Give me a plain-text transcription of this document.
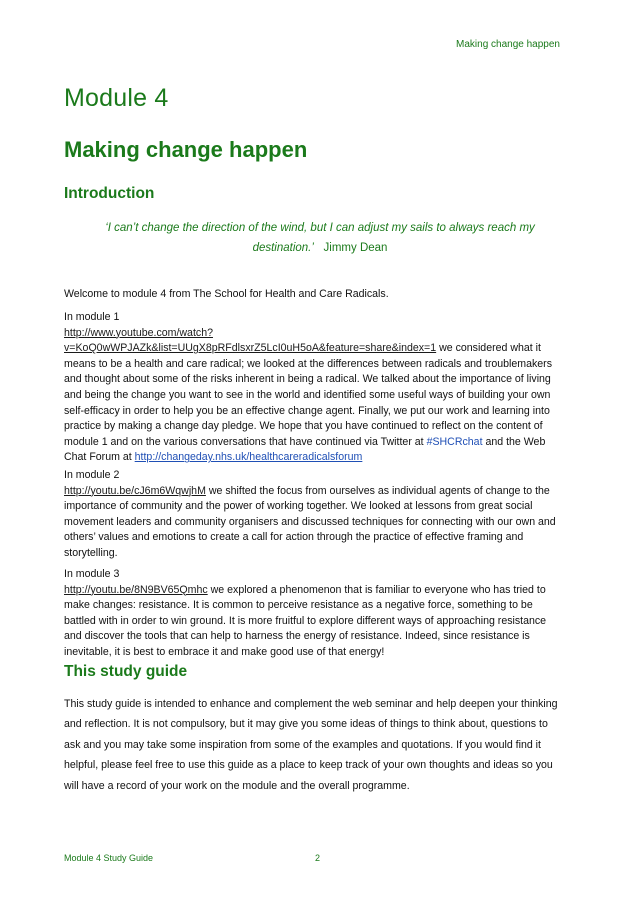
Making change happen
Module 4
Making change happen
Introduction
‘I can’t change the direction of the wind, but I can adjust my sails to always reach my destination.’ Jimmy Dean

Welcome to module 4 from The School for Health and Care Radicals.

In module 1

http://www.youtube.com/watch?v=KoQ0wWPJAZk&list=UUgX8pRFdlsxrZ5LcI0uH5oA&feature=share&index=1 we considered what it means to be a health and care radical; we looked at the differences between radicals and troublemakers and thought about some of the risks inherent in being a radical. We talked about the importance of living and being the change you want to see in the world and identified some useful ways of building your own self-efficacy in order to help you be an effective change agent. Finally, we put our work and learning into practice by making a change day pledge. We hope that you have continued to reflect on the content of module 1 and on the various conversations that have continued via Twitter at #SHCRchat and the Web Chat Forum at http://changeday.nhs.uk/healthcareradicalsforum

In module 2

http://youtu.be/cJ6m6WqwjhM we shifted the focus from ourselves as individual agents of change to the importance of community and the power of working together. We looked at lessons from great social movement leaders and community organisers and discussed techniques for connecting with our own and others’ values and emotions to create a call for action through the practice of effective framing and storytelling.

In module 3

http://youtu.be/8N9BV65Qmhc we explored a phenomenon that is familiar to everyone who has tried to make changes: resistance. It is common to perceive resistance as a negative force, something to be battled with in order to win ground. It is more fruitful to explore different ways of approaching resistance and discover the tools that can help to harness the energy of resistance. Indeed, since resistance is inevitable, it is best to embrace it and make good use of that energy!

This study guide

This study guide is intended to enhance and complement the web seminar and help deepen your thinking and reflection. It is not compulsory, but it may give you some ideas of things to think about, questions to ask and you may take some inspiration from some of the examples and quotations. If you would find it helpful, please feel free to use this guide as a place to keep track of your own thoughts and ideas so you will have a record of your work on the module and the overall programme.

Module 4 Study Guide	2
